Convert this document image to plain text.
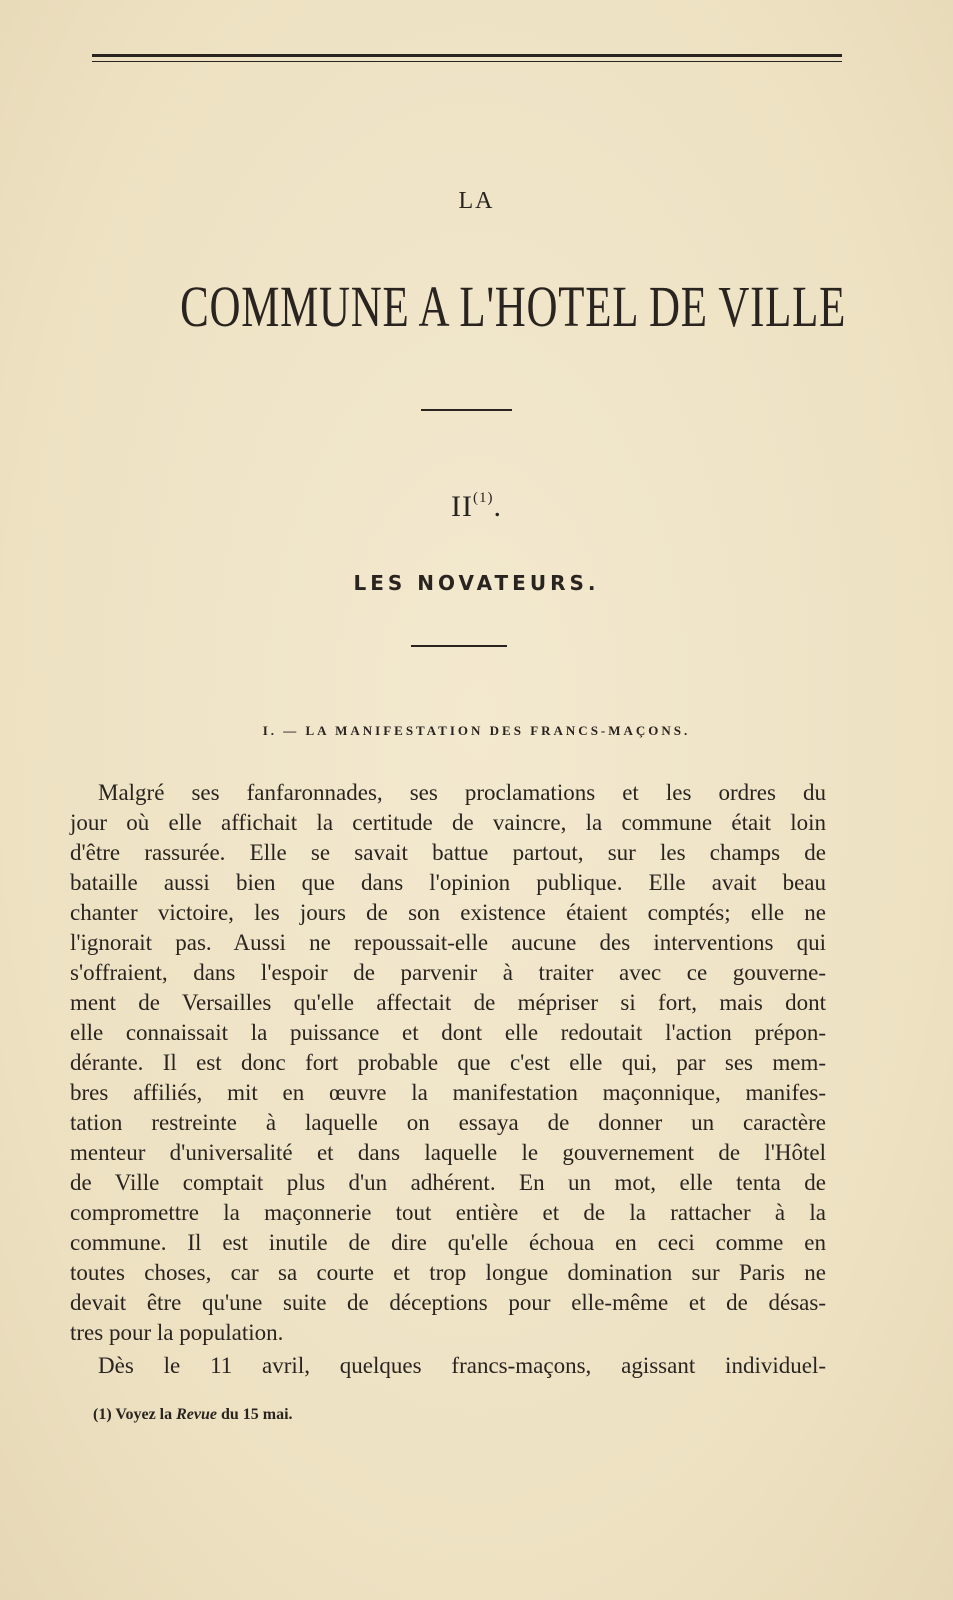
LA
COMMUNE A L'HOTEL DE VILLE
II$^{(1)}$.
LES NOVATEURS.
I. — LA MANIFESTATION DES FRANCS-MAÇONS.
Malgré ses fanfaronnades, ses proclamations et les ordres du
jour où elle affichait la certitude de vaincre, la commune était loin
d'être rassurée. Elle se savait battue partout, sur les champs de
bataille aussi bien que dans l'opinion publique. Elle avait beau
chanter victoire, les jours de son existence étaient comptés; elle ne
l'ignorait pas. Aussi ne repoussait-elle aucune des interventions qui
s'offraient, dans l'espoir de parvenir à traiter avec ce gouverne-
ment de Versailles qu'elle affectait de mépriser si fort, mais dont
elle connaissait la puissance et dont elle redoutait l'action prépon-
dérante. Il est donc fort probable que c'est elle qui, par ses mem-
bres affiliés, mit en œuvre la manifestation maçonnique, manifes-
tation restreinte à laquelle on essaya de donner un caractère
menteur d'universalité et dans laquelle le gouvernement de l'Hôtel
de Ville comptait plus d'un adhérent. En un mot, elle tenta de
compromettre la maçonnerie tout entière et de la rattacher à la
commune. Il est inutile de dire qu'elle échoua en ceci comme en
toutes choses, car sa courte et trop longue domination sur Paris ne
devait être qu'une suite de déceptions pour elle-même et de désas-
tres pour la population.
Dès le 11 avril, quelques francs-maçons, agissant individuel-
(1) Voyez la Revue du 15 mai.
